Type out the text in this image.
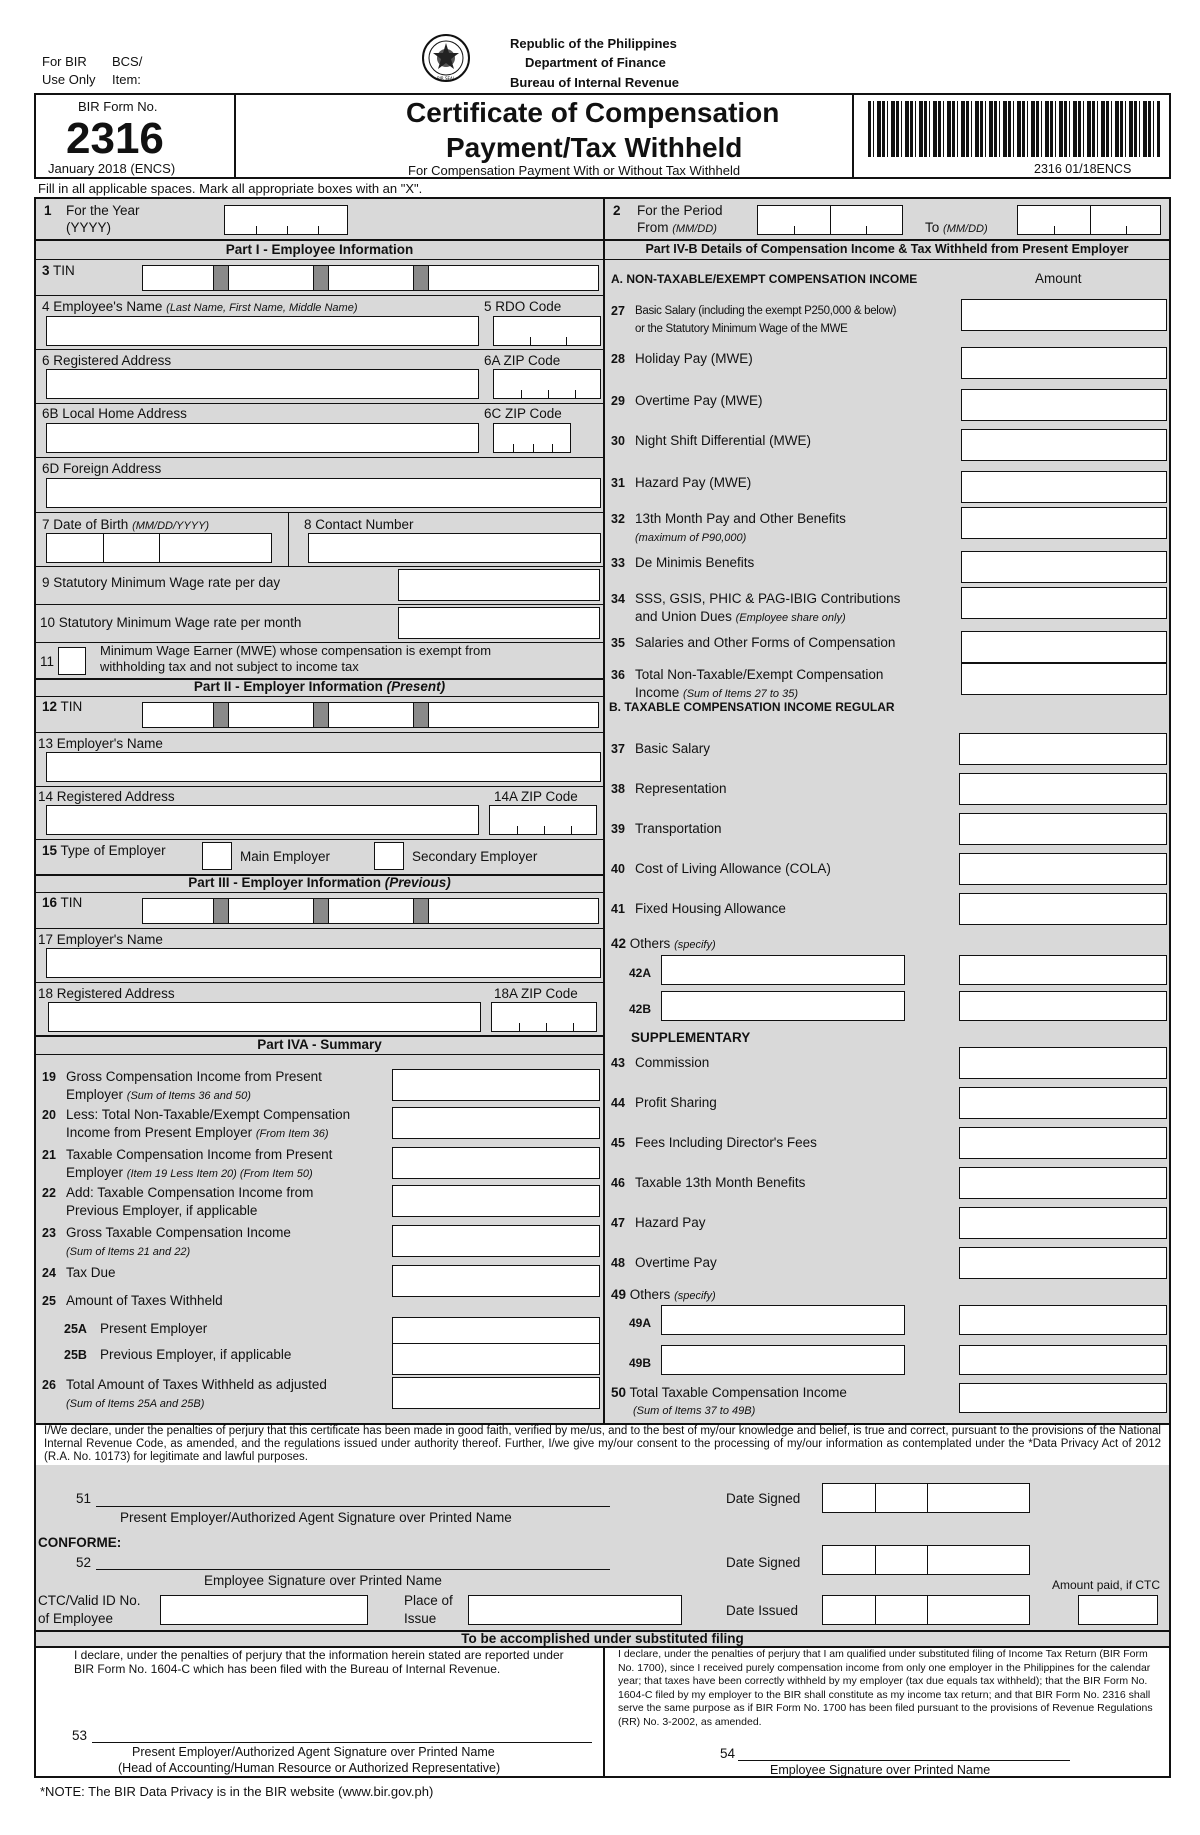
For BIR
Use Only
BCS/
Item:	BIR SEAL
Republic of the Philippines
Department of Finance
Bureau of Internal Revenue
BIR Form No.
2316
January 2018 (ENCS)
Certificate of Compensation
Payment/Tax Withheld
For Compensation Payment With or Without Tax Withheld	2316 01/18ENCS
Fill in all applicable spaces. Mark all appropriate boxes with an "X".
1 For the Year
(YYYY)
Part I - Employee Information
3 TIN
4 Employee's Name (Last Name, First Name, Middle Name)	5 RDO Code
6 Registered Address	6A ZIP Code
6B Local Home Address	6C ZIP Code
6D Foreign Address
7 Date of Birth (MM/DD/YYYY)	8 Contact Number
9 Statutory Minimum Wage rate per day
10 Statutory Minimum Wage rate per month
11
Minimum Wage Earner (MWE) whose compensation is exempt from
withholding tax and not subject to income tax
Part II - Employer Information (Present)
12 TIN
13 Employer's Name
14 Registered Address	14A ZIP Code
15 Type of Employer	Main Employer	Secondary Employer
Part III - Employer Information (Previous)
16 TIN
17 Employer's Name
18 Registered Address	18A ZIP Code
Part IVA - Summary
19 Gross Compensation Income from Present
Employer (Sum of Items 36 and 50)
20 Less: Total Non-Taxable/Exempt Compensation
Income from Present Employer (From Item 36)
21 Taxable Compensation Income from Present
Employer (Item 19 Less Item 20) (From Item 50)
22 Add: Taxable Compensation Income from
Previous Employer, if applicable
23 Gross Taxable Compensation Income
(Sum of Items 21 and 22)
24 Tax Due
25 Amount of Taxes Withheld
25A Present Employer
25B Previous Employer, if applicable
26 Total Amount of Taxes Withheld as adjusted
(Sum of Items 25A and 25B)
2 For the Period
From (MM/DD)	To (MM/DD)
Part IV-B Details of Compensation Income & Tax Withheld from Present Employer
A. NON-TAXABLE/EXEMPT COMPENSATION INCOME	Amount
27 Basic Salary (including the exempt P250,000 & below)
or the Statutory Minimum Wage of the MWE
28 Holiday Pay (MWE)
29 Overtime Pay (MWE)
30 Night Shift Differential (MWE)
31 Hazard Pay (MWE)
32 13th Month Pay and Other Benefits
(maximum of P90,000)
33 De Minimis Benefits
34 SSS, GSIS, PHIC & PAG-IBIG Contributions
and Union Dues (Employee share only)
35 Salaries and Other Forms of Compensation
36 Total Non-Taxable/Exempt Compensation
Income (Sum of Items 27 to 35)
B. TAXABLE COMPENSATION INCOME REGULAR
37 Basic Salary
38 Representation
39 Transportation
40 Cost of Living Allowance (COLA)
41 Fixed Housing Allowance
42 Others (specify)
42A
42B
SUPPLEMENTARY
43 Commission
44 Profit Sharing
45 Fees Including Director's Fees
46 Taxable 13th Month Benefits
47 Hazard Pay
48 Overtime Pay
49 Others (specify)
49A
49B
50 Total Taxable Compensation Income
(Sum of Items 37 to 49B)
I/We declare, under the penalties of perjury that this certificate has been made in good faith, verified by me/us, and to the best of my/our knowledge and belief, is true and correct, pursuant to the provisions of the National Internal Revenue Code, as amended, and the regulations issued under authority thereof. Further, I/we give my/our consent to the processing of my/our information as contemplated under the *Data Privacy Act of 2012 (R.A. No. 10173) for legitimate and lawful purposes.
51
Present Employer/Authorized Agent Signature over Printed Name
Date Signed
CONFORME:
52
Employee Signature over Printed Name
Date Signed
Amount paid, if CTC
CTC/Valid ID No.
of Employee
Place of
Issue
Date Issued
To be accomplished under substituted filing
I declare, under the penalties of perjury that the information herein stated are reported under BIR Form No. 1604-C which has been filed with the Bureau of Internal Revenue.
53
Present Employer/Authorized Agent Signature over Printed Name
(Head of Accounting/Human Resource or Authorized Representative)
I declare, under the penalties of perjury that I am qualified under substituted filing of Income Tax Return (BIR Form No. 1700), since I received purely compensation income from only one employer in the Philippines for the calendar year; that taxes have been correctly withheld by my employer (tax due equals tax withheld); that the BIR Form No. 1604-C filed by my employer to the BIR shall constitute as my income tax return; and that BIR Form No. 2316 shall serve the same purpose as if BIR Form No. 1700 has been filed pursuant to the provisions of Revenue Regulations (RR) No. 3-2002, as amended.
54
Employee Signature over Printed Name
*NOTE: The BIR Data Privacy is in the BIR website (www.bir.gov.ph)
